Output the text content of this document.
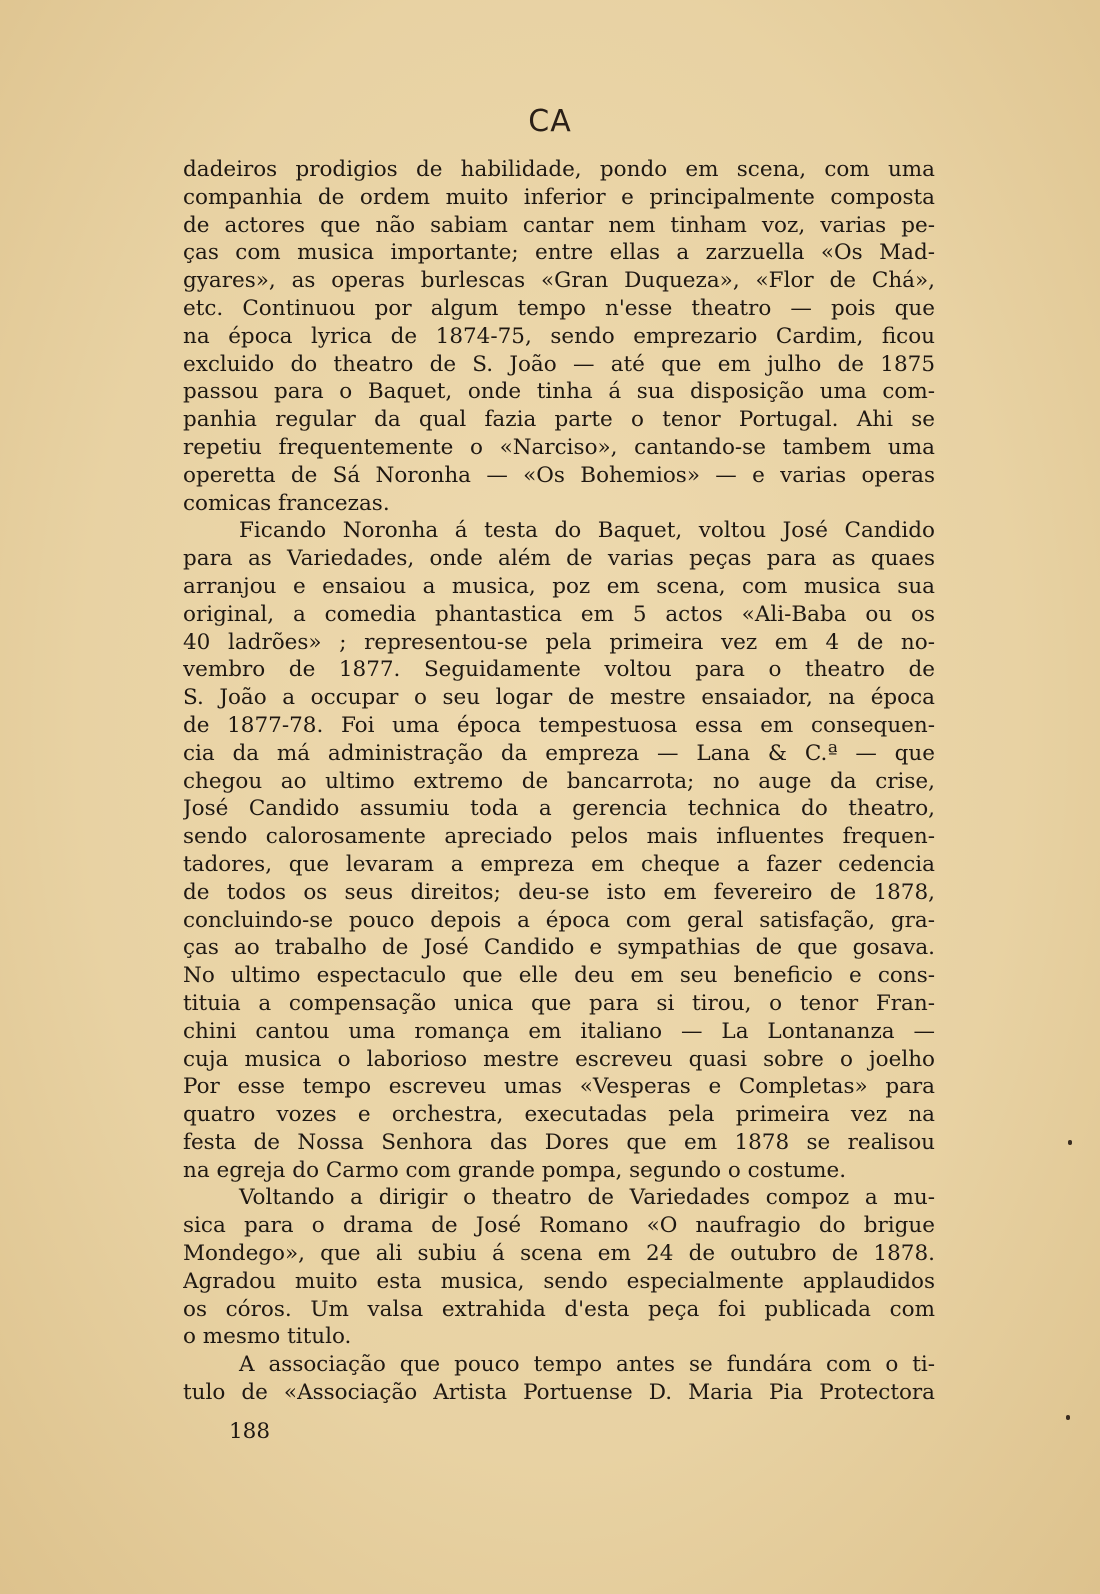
CA
dadeiros prodigios de habilidade, pondo em scena, com uma
companhia de ordem muito inferior e principalmente composta
de actores que não sabiam cantar nem tinham voz, varias pe-
ças com musica importante; entre ellas a zarzuella «Os Mad-
gyares», as operas burlescas «Gran Duqueza», «Flor de Chá»,
etc. Continuou por algum tempo n'esse theatro — pois que
na época lyrica de 1874-75, sendo emprezario Cardim, ficou
excluido do theatro de S. João — até que em julho de 1875
passou para o Baquet, onde tinha á sua disposição uma com-
panhia regular da qual fazia parte o tenor Portugal. Ahi se
repetiu frequentemente o «Narciso», cantando-se tambem uma
operetta de Sá Noronha — «Os Bohemios» — e varias operas
comicas francezas.
Ficando Noronha á testa do Baquet, voltou José Candido
para as Variedades, onde além de varias peças para as quaes
arranjou e ensaiou a musica, poz em scena, com musica sua
original, a comedia phantastica em 5 actos «Ali-Baba ou os
40 ladrões» ; representou-se pela primeira vez em 4 de no-
vembro de 1877. Seguidamente voltou para o theatro de
S. João a occupar o seu logar de mestre ensaiador, na época
de 1877-78. Foi uma época tempestuosa essa em consequen-
cia da má administração da empreza — Lana & C.ª — que
chegou ao ultimo extremo de bancarrota; no auge da crise,
José Candido assumiu toda a gerencia technica do theatro,
sendo calorosamente apreciado pelos mais influentes frequen-
tadores, que levaram a empreza em cheque a fazer cedencia
de todos os seus direitos; deu-se isto em fevereiro de 1878,
concluindo-se pouco depois a época com geral satisfação, gra-
ças ao trabalho de José Candido e sympathias de que gosava.
No ultimo espectaculo que elle deu em seu beneficio e cons-
tituia a compensação unica que para si tirou, o tenor Fran-
chini cantou uma romança em italiano — La Lontananza —
cuja musica o laborioso mestre escreveu quasi sobre o joelho
Por esse tempo escreveu umas «Vesperas e Completas» para
quatro vozes e orchestra, executadas pela primeira vez na
festa de Nossa Senhora das Dores que em 1878 se realisou
na egreja do Carmo com grande pompa, segundo o costume.
Voltando a dirigir o theatro de Variedades compoz a mu-
sica para o drama de José Romano «O naufragio do brigue
Mondego», que ali subiu á scena em 24 de outubro de 1878.
Agradou muito esta musica, sendo especialmente applaudidos
os córos. Um valsa extrahida d'esta peça foi publicada com
o mesmo titulo.
A associação que pouco tempo antes se fundára com o ti-
tulo de «Associação Artista Portuense D. Maria Pia Protectora
188
